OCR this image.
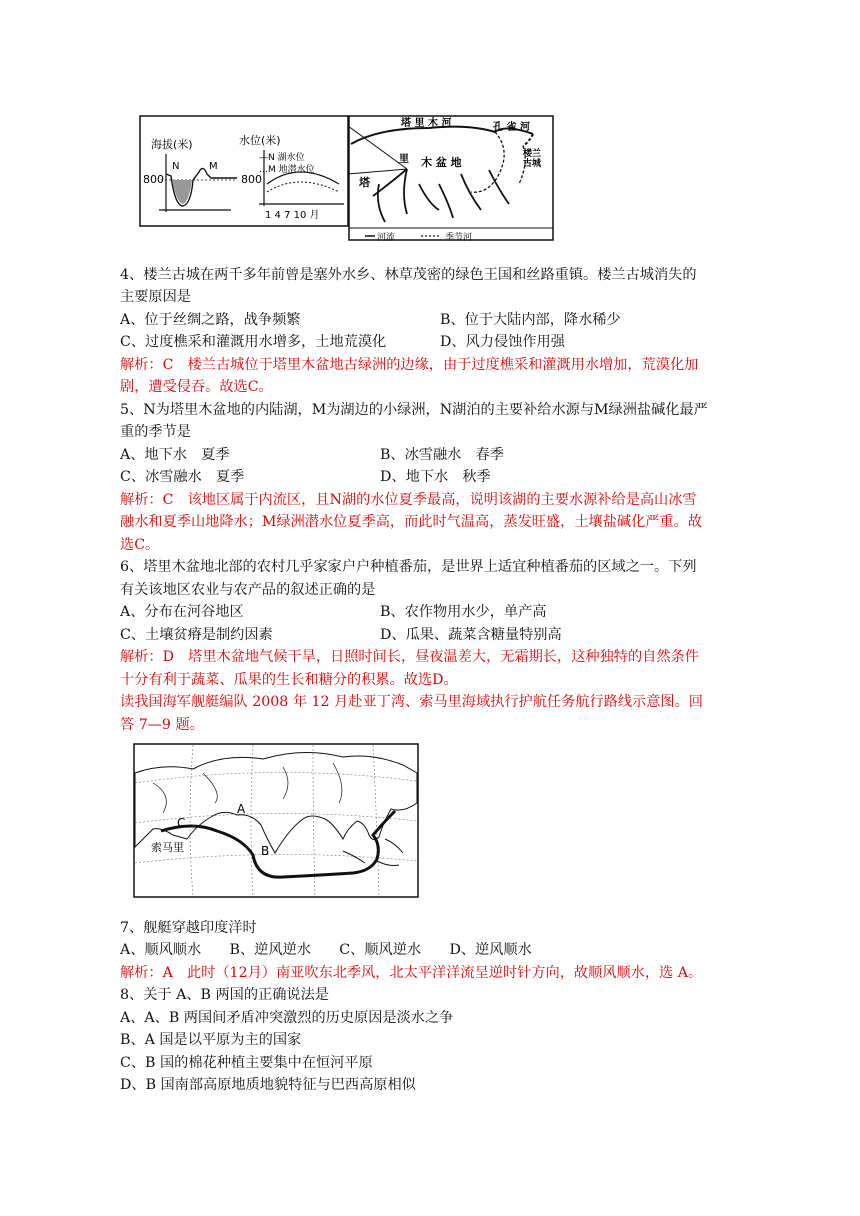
海拔(米)
800
N	M
水位(米)
—N 湖水位
…M 地潜水位
800
1 4 7 10 月
塔 里 木 河	孔 雀 河
木 盆 地
里
塔
楼兰
古城
河流	季节河
4、楼兰古城在两千多年前曾是塞外水乡、林草茂密的绿色王国和丝路重镇。楼兰古城消失的
主要原因是
A、位于丝绸之路，战争频繁	B、位于大陆内部，降水稀少
C、过度樵采和灌溉用水增多，土地荒漠化	D、风力侵蚀作用强
解析：C　楼兰古城位于塔里木盆地古绿洲的边缘，由于过度樵采和灌溉用水增加，荒漠化加
剧，遭受侵吞。故选C。
5、N为塔里木盆地的内陆湖，M为湖边的小绿洲，N湖泊的主要补给水源与M绿洲盐碱化最严
重的季节是
A、地下水　夏季	B、冰雪融水　春季
C、冰雪融水　夏季	D、地下水　秋季
解析：C　该地区属于内流区，且N湖的水位夏季最高，说明该湖的主要水源补给是高山冰雪
融水和夏季山地降水；M绿洲潜水位夏季高，而此时气温高，蒸发旺盛，土壤盐碱化严重。故
选C。
6、塔里木盆地北部的农村几乎家家户户种植番茄，是世界上适宜种植番茄的区域之一。下列
有关该地区农业与农产品的叙述正确的是
A、分布在河谷地区	B、农作物用水少，单产高
C、土壤贫瘠是制约因素	D、瓜果、蔬菜含糖量特别高
解析：D　塔里木盆地气候干旱，日照时间长，昼夜温差大，无霜期长，这种独特的自然条件
十分有利于蔬菜、瓜果的生长和糖分的积累。故选D。
读我国海军舰艇编队 2008 年 12 月赴亚丁湾、索马里海域执行护航任务航行路线示意图。回
答 7—9 题。
A
B
C
索马里
7、舰艇穿越印度洋时
A、顺风顺水　　B、逆风逆水　　C、顺风逆水　　D、逆风顺水
解析：A　此时（12月）南亚吹东北季风，北太平洋洋流呈逆时针方向，故顺风顺水，选 A。
8、关于 A、B 两国的正确说法是
A、A、B 两国间矛盾冲突激烈的历史原因是淡水之争
B、A 国是以平原为主的国家
C、B 国的棉花种植主要集中在恒河平原
D、B 国南部高原地质地貌特征与巴西高原相似
